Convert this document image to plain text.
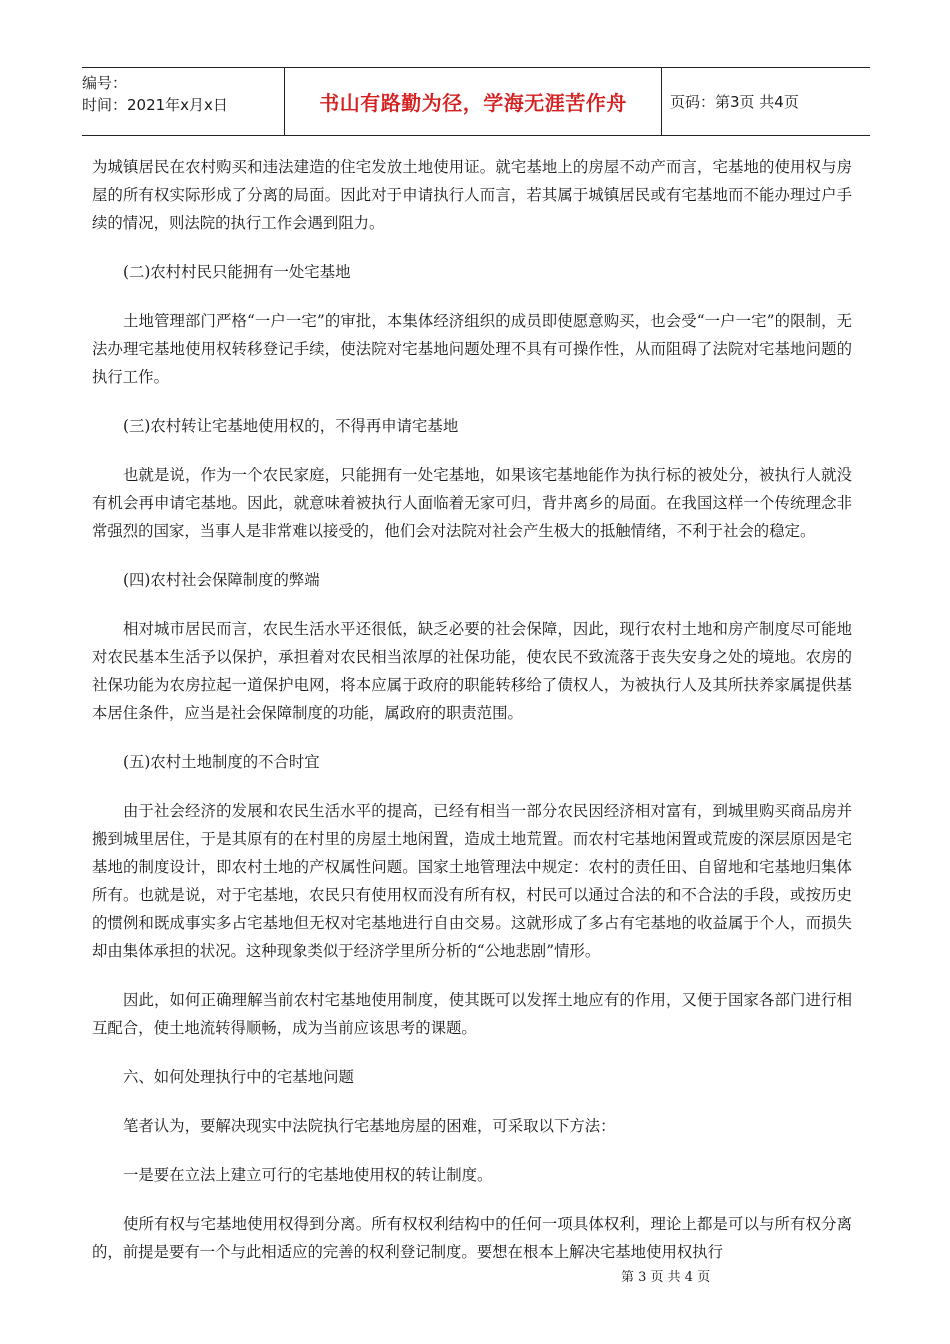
编号：
时间：2021年x月x日	书山有路勤为径，学海无涯苦作舟	页码：第3页 共4页

为城镇居民在农村购买和违法建造的住宅发放土地使用证。就宅基地上的房屋不动产而言，宅基地的使用权与房屋的所有权实际形成了分离的局面。因此对于申请执行人而言，若其属于城镇居民或有宅基地而不能办理过户手续的情况，则法院的执行工作会遇到阻力。

(二)农村村民只能拥有一处宅基地

土地管理部门严格“一户一宅”的审批，本集体经济组织的成员即使愿意购买，也会受“一户一宅”的限制，无法办理宅基地使用权转移登记手续，使法院对宅基地问题处理不具有可操作性，从而阻碍了法院对宅基地问题的执行工作。

(三)农村转让宅基地使用权的，不得再申请宅基地

也就是说，作为一个农民家庭，只能拥有一处宅基地，如果该宅基地能作为执行标的被处分，被执行人就没有机会再申请宅基地。因此，就意味着被执行人面临着无家可归，背井离乡的局面。在我国这样一个传统理念非常强烈的国家，当事人是非常难以接受的，他们会对法院对社会产生极大的抵触情绪，不利于社会的稳定。

(四)农村社会保障制度的弊端

相对城市居民而言，农民生活水平还很低，缺乏必要的社会保障，因此，现行农村土地和房产制度尽可能地对农民基本生活予以保护，承担着对农民相当浓厚的社保功能，使农民不致流落于丧失安身之处的境地。农房的社保功能为农房拉起一道保护电网，将本应属于政府的职能转移给了债权人，为被执行人及其所扶养家属提供基本居住条件，应当是社会保障制度的功能，属政府的职责范围。

(五)农村土地制度的不合时宜

由于社会经济的发展和农民生活水平的提高，已经有相当一部分农民因经济相对富有，到城里购买商品房并搬到城里居住，于是其原有的在村里的房屋土地闲置，造成土地荒置。而农村宅基地闲置或荒废的深层原因是宅基地的制度设计，即农村土地的产权属性问题。国家土地管理法中规定：农村的责任田、自留地和宅基地归集体所有。也就是说，对于宅基地，农民只有使用权而没有所有权，村民可以通过合法的和不合法的手段，或按历史的惯例和既成事实多占宅基地但无权对宅基地进行自由交易。这就形成了多占有宅基地的收益属于个人，而损失却由集体承担的状况。这种现象类似于经济学里所分析的“公地悲剧”情形。

因此，如何正确理解当前农村宅基地使用制度，使其既可以发挥土地应有的作用，又便于国家各部门进行相互配合，使土地流转得顺畅，成为当前应该思考的课题。

六、如何处理执行中的宅基地问题

笔者认为，要解决现实中法院执行宅基地房屋的困难，可采取以下方法：

一是要在立法上建立可行的宅基地使用权的转让制度。

使所有权与宅基地使用权得到分离。所有权权利结构中的任何一项具体权利，理论上都是可以与所有权分离的，前提是要有一个与此相适应的完善的权利登记制度。要想在根本上解决宅基地使用权执行

第 3 页 共 4 页
